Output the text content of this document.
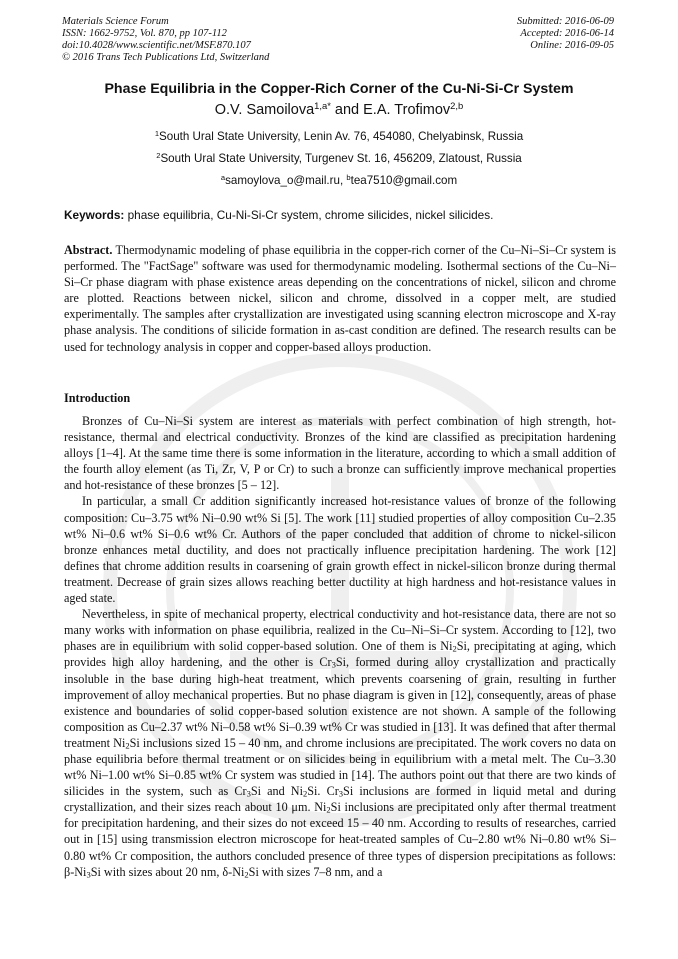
Materials Science Forum
ISSN: 1662-9752, Vol. 870, pp 107-112
doi:10.4028/www.scientific.net/MSF.870.107
© 2016 Trans Tech Publications Ltd, Switzerland
Submitted: 2016-06-09
Accepted: 2016-06-14
Online: 2016-09-05
Phase Equilibria in the Copper-Rich Corner of the Cu-Ni-Si-Cr System
O.V. Samoilova$^{1,a*}$ and E.A. Trofimov$^{2,b}$
$^1$South Ural State University, Lenin Av. 76, 454080, Chelyabinsk, Russia
$^2$South Ural State University, Turgenev St. 16, 456209, Zlatoust, Russia
$^a$samoylova_o@mail.ru, $^b$tea7510@gmail.com
Keywords: phase equilibria, Cu-Ni-Si-Cr system, chrome silicides, nickel silicides.

Abstract. Thermodynamic modeling of phase equilibria in the copper-rich corner of the Cu–Ni–Si–Cr system is performed. The "FactSage" software was used for thermodynamic modeling. Isothermal sections of the Cu–Ni–Si–Cr phase diagram with phase existence areas depending on the concentrations of nickel, silicon and chrome are plotted. Reactions between nickel, silicon and chrome, dissolved in a copper melt, are studied experimentally. The samples after crystallization are investigated using scanning electron microscope and X-ray phase analysis. The conditions of silicide formation in as-cast condition are defined. The research results can be used for technology analysis in copper and copper-based alloys production.

Introduction

Bronzes of Cu–Ni–Si system are interest as materials with perfect combination of high strength, hot-resistance, thermal and electrical conductivity. Bronzes of the kind are classified as precipitation hardening alloys [1–4]. At the same time there is some information in the literature, according to which a small addition of the fourth alloy element (as Ti, Zr, V, P or Cr) to such a bronze can sufficiently improve mechanical properties and hot-resistance of these bronzes [5 – 12].

In particular, a small Cr addition significantly increased hot-resistance values of bronze of the following composition: Cu–3.75 wt% Ni–0.90 wt% Si [5]. The work [11] studied properties of alloy composition Cu–2.35 wt% Ni–0.6 wt% Si–0.6 wt% Cr. Authors of the paper concluded that addition of chrome to nickel-silicon bronze enhances metal ductility, and does not practically influence precipitation hardening. The work [12] defines that chrome addition results in coarsening of grain growth effect in nickel-silicon bronze during thermal treatment. Decrease of grain sizes allows reaching better ductility at high hardness and hot-resistance values in aged state.

Nevertheless, in spite of mechanical property, electrical conductivity and hot-resistance data, there are not so many works with information on phase equilibria, realized in the Cu–Ni–Si–Cr system. According to [12], two phases are in equilibrium with solid copper-based solution. One of them is $Ni_2Si$, precipitating at aging, which provides high alloy hardening, and the other is $Cr_3Si$, formed during alloy crystallization and practically insoluble in the base during high-heat treatment, which prevents coarsening of grain, resulting in further improvement of alloy mechanical properties. But no phase diagram is given in [12], consequently, areas of phase existence and boundaries of solid copper-based solution existence are not shown. A sample of the following composition as Cu–2.37 wt% Ni–0.58 wt% Si–0.39 wt% Cr was studied in [13]. It was defined that after thermal treatment $Ni_2Si$ inclusions sized 15 – 40 nm, and chrome inclusions are precipitated. The work covers no data on phase equilibria before thermal treatment or on silicides being in equilibrium with a metal melt. The Cu–3.30 wt% Ni–1.00 wt% Si–0.85 wt% Cr system was studied in [14]. The authors point out that there are two kinds of silicides in the system, such as $Cr_3Si$ and $Ni_2Si$. $Cr_3Si$ inclusions are formed in liquid metal and during crystallization, and their sizes reach about 10 μm. $Ni_2Si$ inclusions are precipitated only after thermal treatment for precipitation hardening, and their sizes do not exceed 15 – 40 nm. According to results of researches, carried out in [15] using transmission electron microscope for heat-treated samples of Cu–2.80 wt% Ni–0.80 wt% Si–0.80 wt% Cr composition, the authors concluded presence of three types of dispersion precipitations as follows: $\beta-Ni_3Si$ with sizes about 20 nm, $\delta-Ni_2Si$ with sizes 7–8 nm, and a
